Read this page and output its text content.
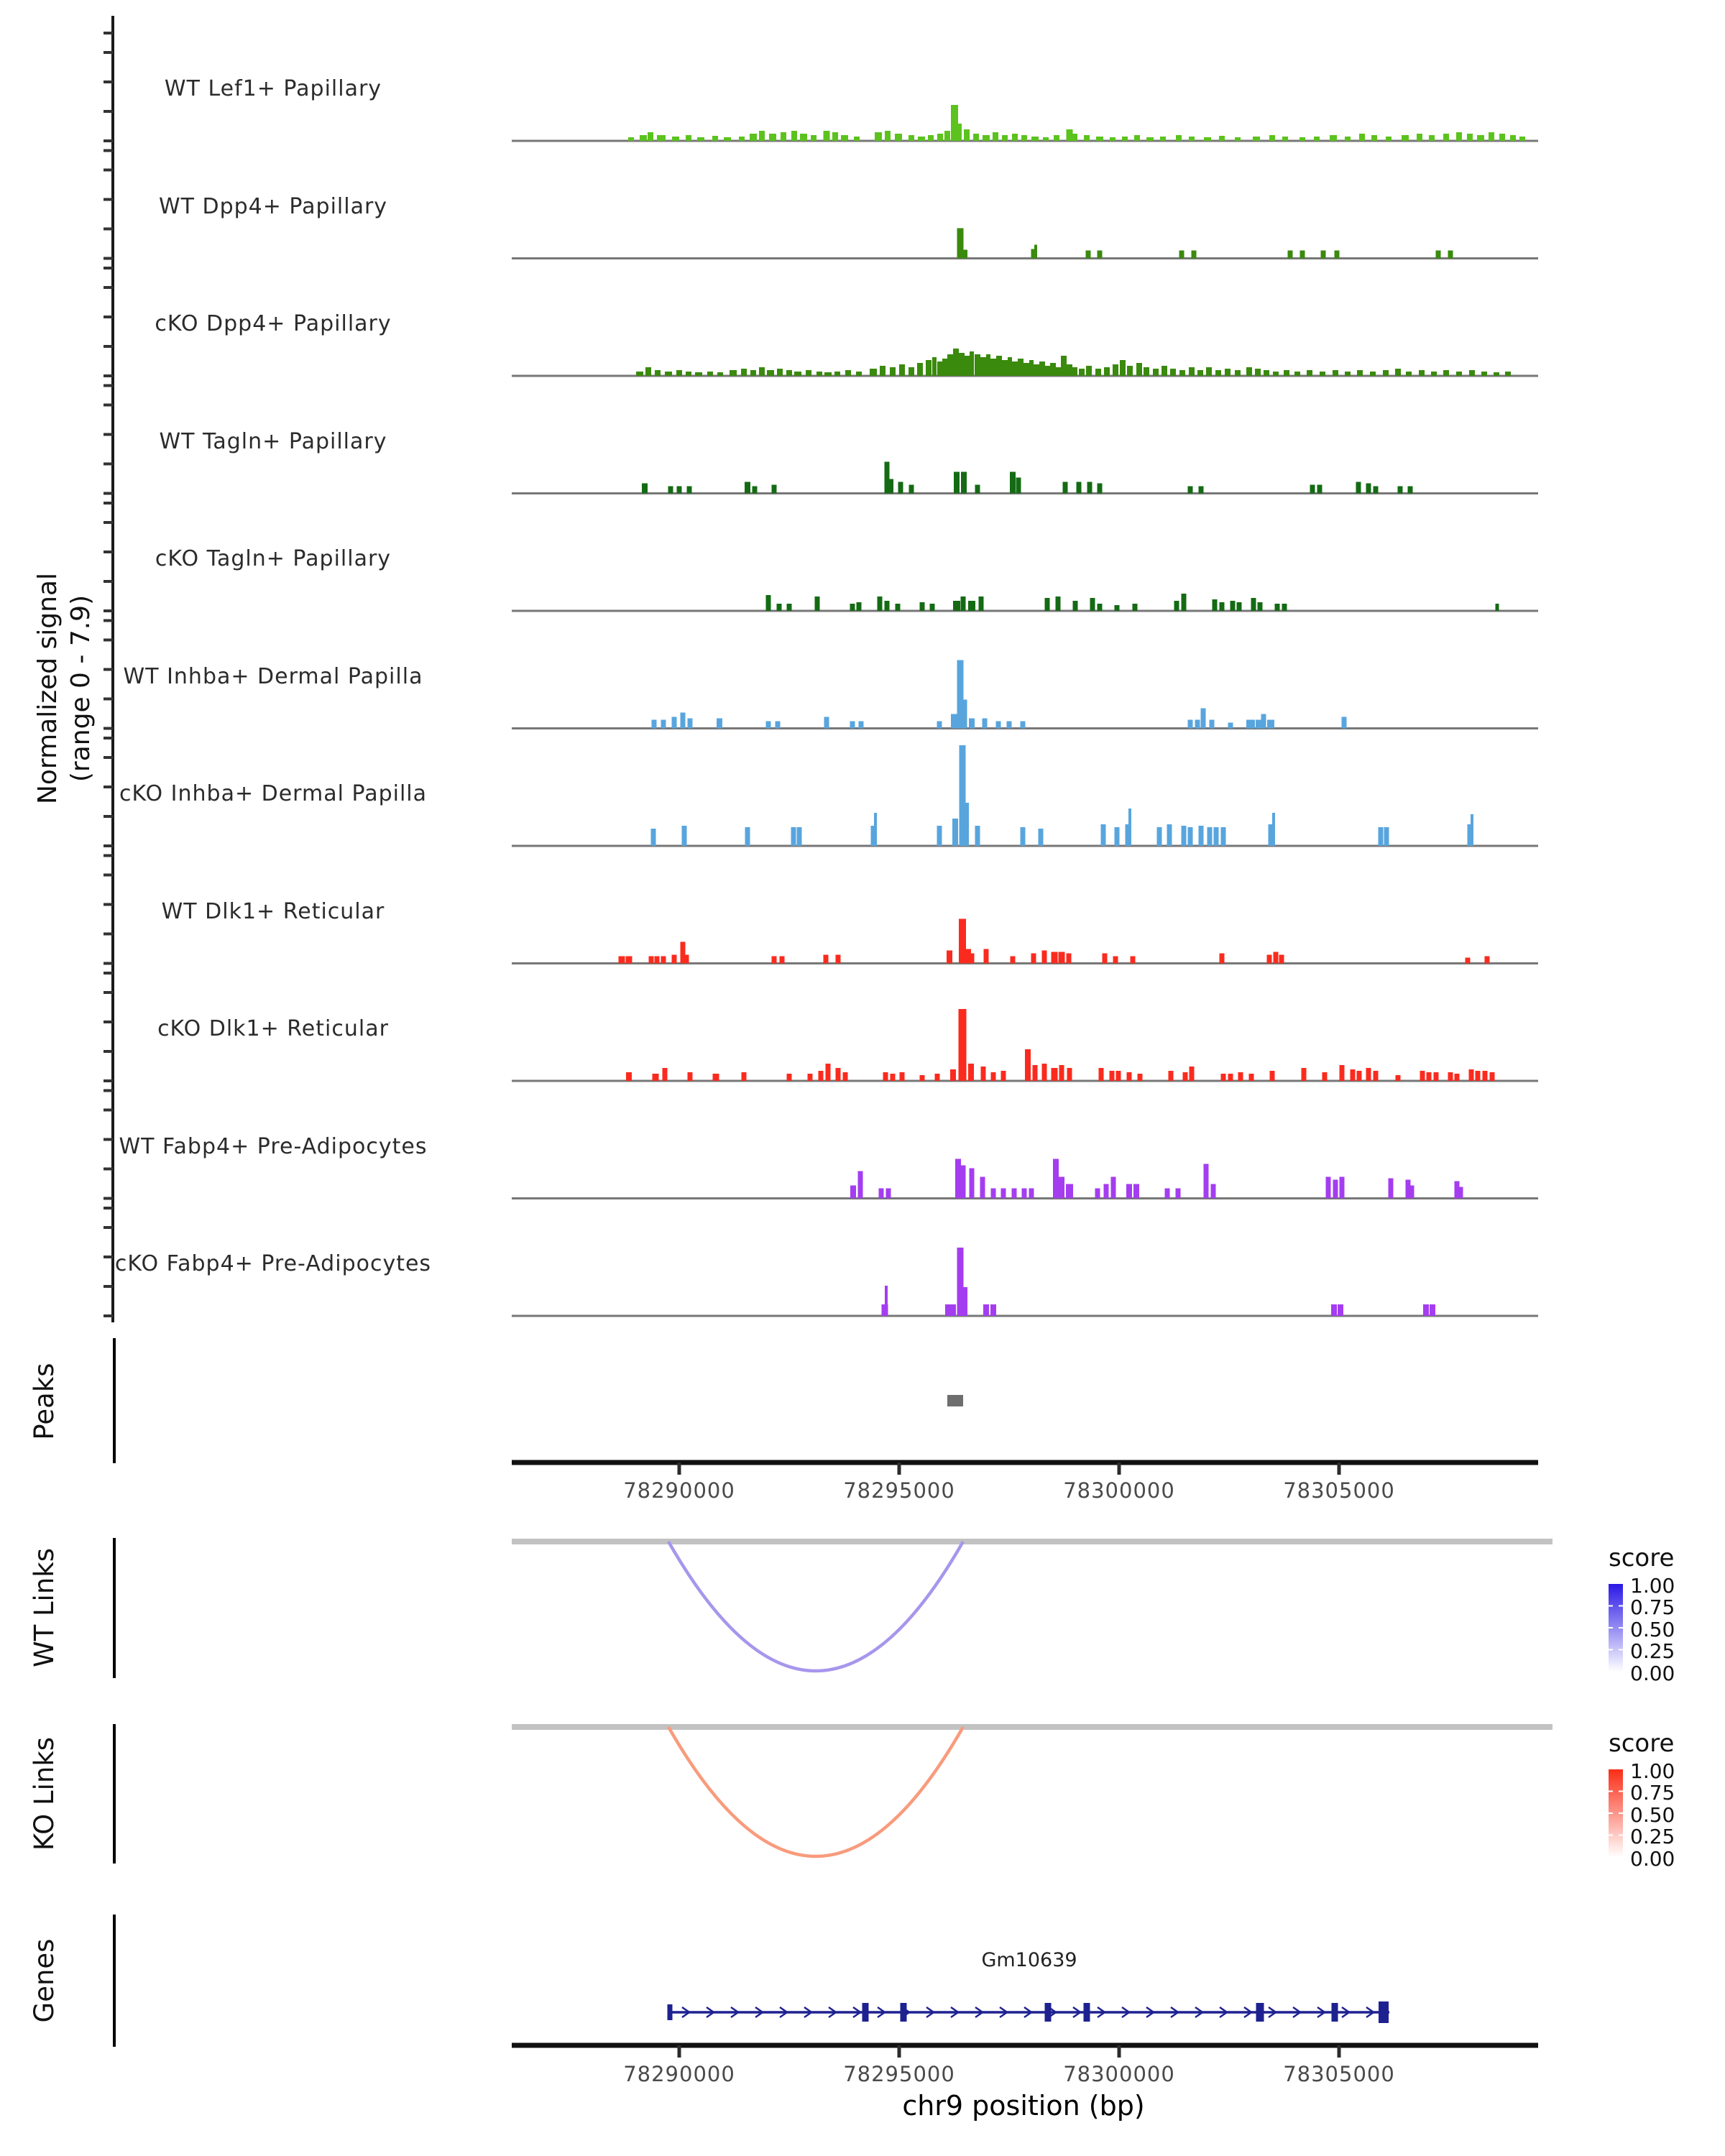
Normalized signal (range 0 - 7.9)
WT Lef1+ Papillary
WT Dpp4+ Papillary
cKO Dpp4+ Papillary
WT Tagln+ Papillary
cKO Tagln+ Papillary
WT Inhba+ Dermal Papilla
cKO Inhba+ Dermal Papilla
WT Dlk1+ Reticular
cKO Dlk1+ Reticular
WT Fabp4+ Pre-Adipocytes
cKO Fabp4+ Pre-Adipocytes
Peaks
WT Links
KO Links
Genes
78290000	78295000	78300000	78305000
78290000	78295000	78300000	78305000
chr9 position (bp)
score
1.00
0.75
0.50
0.25
0.00
score
1.00
0.75
0.50
0.25
0.00
Gm10639
